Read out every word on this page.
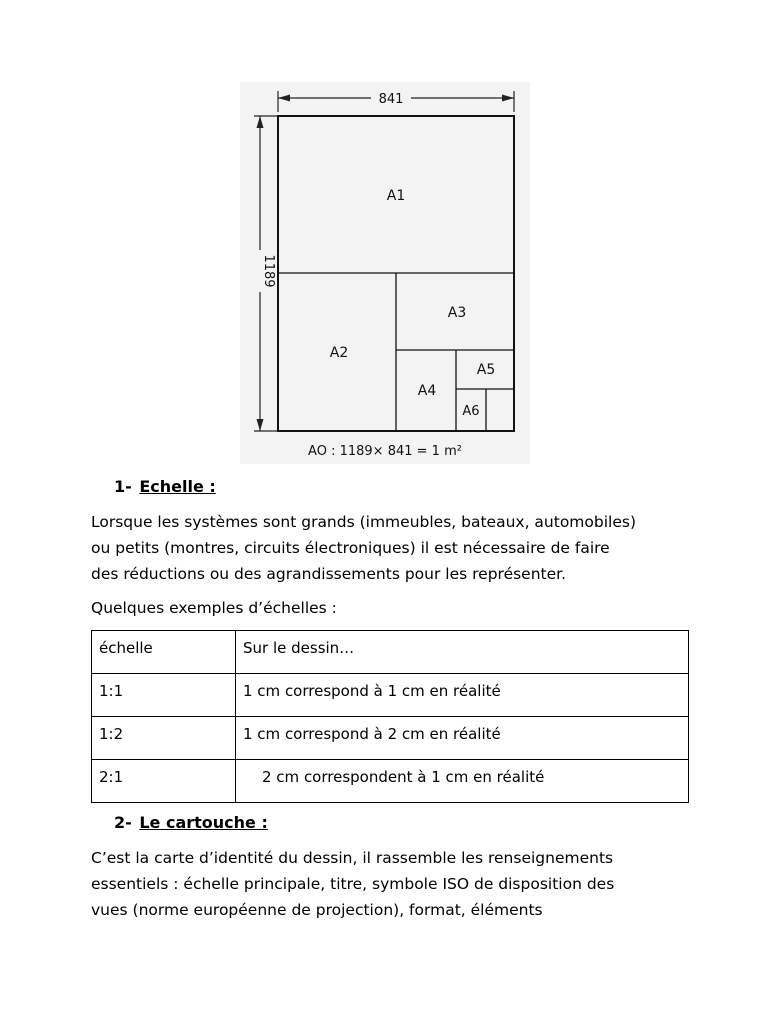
841
1189
A1
A2
A3
A4
A5
A6
AO : 1189× 841 = 1 m²
1- Echelle :
Lorsque les systèmes sont grands (immeubles, bateaux, automobiles)
ou petits (montres, circuits électroniques) il est nécessaire de faire
des réductions ou des agrandissements pour les représenter.
Quelques exemples d’échelles :
échelle	Sur le dessin…
1:1	1 cm correspond à 1 cm en réalité
1:2	1 cm correspond à 2 cm en réalité
2:1	2 cm correspondent à 1 cm en réalité
2- Le cartouche :
C’est la carte d’identité du dessin, il rassemble les renseignements
essentiels : échelle principale, titre, symbole ISO de disposition des
vues (norme européenne de projection), format, éléments
